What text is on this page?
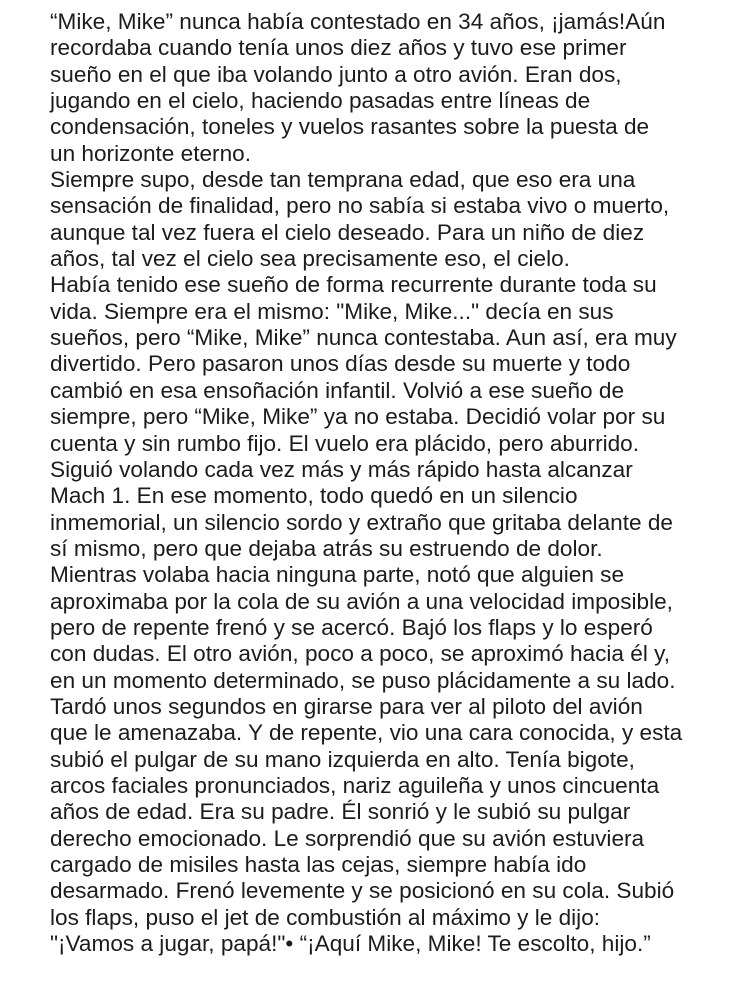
“Mike, Mike” nunca había contestado en 34 años, ¡jamás!Aún
recordaba cuando tenía unos diez años y tuvo ese primer
sueño en el que iba volando junto a otro avión. Eran dos,
jugando en el cielo, haciendo pasadas entre líneas de
condensación, toneles y vuelos rasantes sobre la puesta de
un horizonte eterno.
Siempre supo, desde tan temprana edad, que eso era una
sensación de finalidad, pero no sabía si estaba vivo o muerto,
aunque tal vez fuera el cielo deseado. Para un niño de diez
años, tal vez el cielo sea precisamente eso, el cielo.
Había tenido ese sueño de forma recurrente durante toda su
vida. Siempre era el mismo: "Mike, Mike..." decía en sus
sueños, pero “Mike, Mike” nunca contestaba. Aun así, era muy
divertido. Pero pasaron unos días desde su muerte y todo
cambió en esa ensoñación infantil. Volvió a ese sueño de
siempre, pero “Mike, Mike” ya no estaba. Decidió volar por su
cuenta y sin rumbo fijo. El vuelo era plácido, pero aburrido.
Siguió volando cada vez más y más rápido hasta alcanzar
Mach 1. En ese momento, todo quedó en un silencio
inmemorial, un silencio sordo y extraño que gritaba delante de
sí mismo, pero que dejaba atrás su estruendo de dolor.
Mientras volaba hacia ninguna parte, notó que alguien se
aproximaba por la cola de su avión a una velocidad imposible,
pero de repente frenó y se acercó. Bajó los flaps y lo esperó
con dudas. El otro avión, poco a poco, se aproximó hacia él y,
en un momento determinado, se puso plácidamente a su lado.
Tardó unos segundos en girarse para ver al piloto del avión
que le amenazaba. Y de repente, vio una cara conocida, y esta
subió el pulgar de su mano izquierda en alto. Tenía bigote,
arcos faciales pronunciados, nariz aguileña y unos cincuenta
años de edad. Era su padre. Él sonrió y le subió su pulgar
derecho emocionado. Le sorprendió que su avión estuviera
cargado de misiles hasta las cejas, siempre había ido
desarmado. Frenó levemente y se posicionó en su cola. Subió
los flaps, puso el jet de combustión al máximo y le dijo:
"¡Vamos a jugar, papá!"• “¡Aquí Mike, Mike! Te escolto, hijo.”
